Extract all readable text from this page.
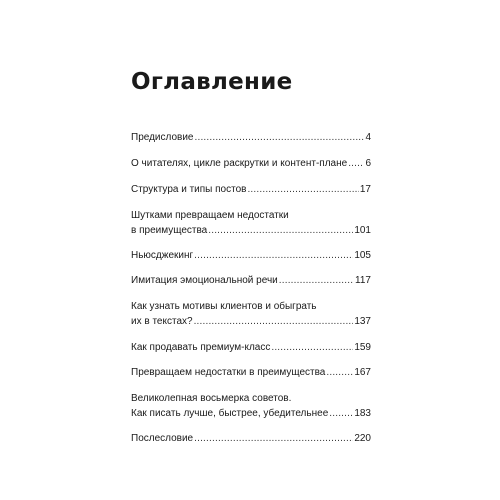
Оглавление
Предисловие .....	4
О читателях, цикле раскрутки и контент-плане ..... 6
Структура и типы постов .....	17
Шутками превращаем недостатки
в преимущества .....	101
Ньюсджекинг .....	105
Имитация эмоциональной речи .....	117
Как узнать мотивы клиентов и обыграть
их в текстах? .....	137
Как продавать премиум-класс .....	159
Превращаем недостатки в преимущества .....	167
Великолепная восьмерка советов.
Как писать лучше, быстрее, убедительнее .....	183
Послесловие .....	220
